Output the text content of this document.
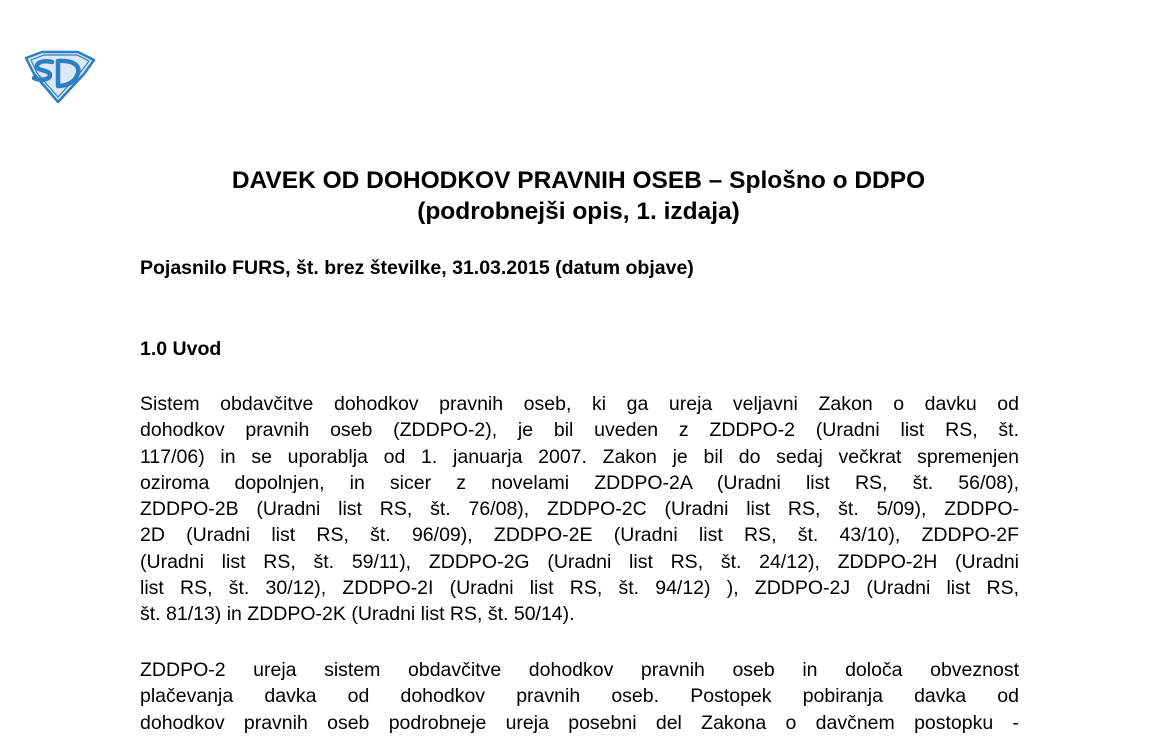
DAVEK OD DOHODKOV PRAVNIH OSEB – Splošno o DDPO
(podrobnejši opis, 1. izdaja)

Pojasnilo FURS, št. brez številke, 31.03.2015 (datum objave)

1.0 Uvod
Sistem obdavčitve dohodkov pravnih oseb, ki ga ureja veljavni Zakon o davku od
dohodkov pravnih oseb (ZDDPO-2), je bil uveden z ZDDPO-2 (Uradni list RS, št.
117/06) in se uporablja od 1. januarja 2007. Zakon je bil do sedaj večkrat spremenjen
oziroma dopolnjen, in sicer z novelami ZDDPO-2A (Uradni list RS, št. 56/08),
ZDDPO-2B (Uradni list RS, št. 76/08), ZDDPO-2C (Uradni list RS, št. 5/09), ZDDPO-
2D (Uradni list RS, št. 96/09), ZDDPO-2E (Uradni list RS, št. 43/10), ZDDPO-2F
(Uradni list RS, št. 59/11), ZDDPO-2G (Uradni list RS, št. 24/12), ZDDPO-2H (Uradni
list RS, št. 30/12), ZDDPO-2I (Uradni list RS, št. 94/12) ), ZDDPO-2J (Uradni list RS,
št. 81/13) in ZDDPO-2K (Uradni list RS, št. 50/14).
ZDDPO-2 ureja sistem obdavčitve dohodkov pravnih oseb in določa obveznost
plačevanja davka od dohodkov pravnih oseb. Postopek pobiranja davka od
dohodkov pravnih oseb podrobneje ureja posebni del Zakona o davčnem postopku -
